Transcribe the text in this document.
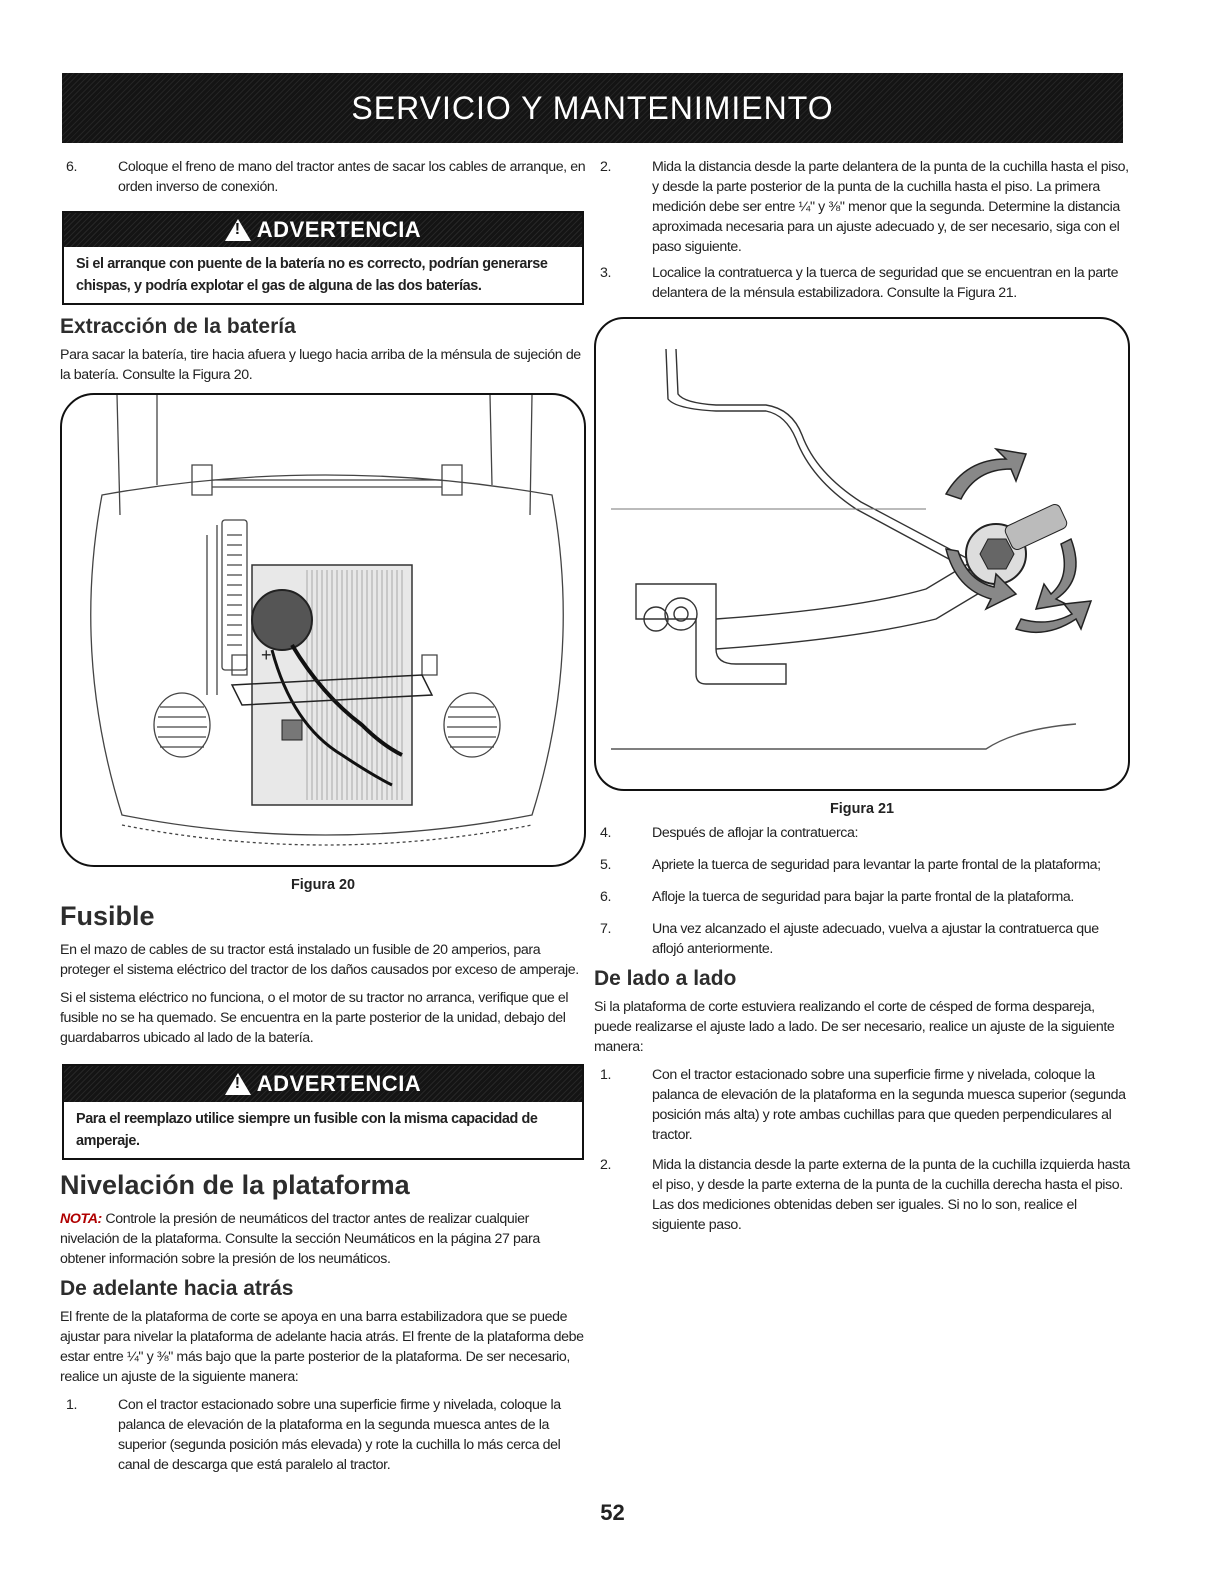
SERVICIO Y MANTENIMIENTO
6.	Coloque el freno de mano del tractor antes de sacar los cables de arranque, en orden inverso de conexión.
!
ADVERTENCIA
Si el arranque con puente de la batería no es correcto, podrían generarse chispas, y podría explotar el gas de alguna de las dos baterías.
Extracción de la batería

Para sacar la batería, tire hacia afuera y luego hacia arriba de la ménsula de sujeción de la batería. Consulte la Figura 20.

+
Figura 20
Fusible

En el mazo de cables de su tractor está instalado un fusible de 20 amperios, para proteger el sistema eléctrico del tractor de los daños causados por exceso de amperaje.

Si el sistema eléctrico no funciona, o el motor de su tractor no arranca, verifique que el fusible no se ha quemado. Se encuentra en la parte posterior de la unidad, debajo del guardabarros ubicado al lado de la batería.

!
ADVERTENCIA
Para el reemplazo utilice siempre un fusible con la misma capacidad de amperaje.
Nivelación de la plataforma

NOTA: Controle la presión de neumáticos del tractor antes de realizar cualquier nivelación de la plataforma. Consulte la sección Neumáticos en la página 27 para obtener información sobre la presión de los neumáticos.

De adelante hacia atrás

El frente de la plataforma de corte se apoya en una barra estabilizadora que se puede ajustar para nivelar la plataforma de adelante hacia atrás. El frente de la plataforma debe estar entre ¼" y ⅜" más bajo que la parte posterior de la plataforma. De ser necesario, realice un ajuste de la siguiente manera:

1.	Con el tractor estacionado sobre una superficie firme y nivelada, coloque la palanca de elevación de la plataforma en la segunda muesca antes de la superior (segunda posición más elevada) y rote la cuchilla lo más cerca del canal de descarga que está paralelo al tractor.
2.	Mida la distancia desde la parte delantera de la punta de la cuchilla hasta el piso, y desde la parte posterior de la punta de la cuchilla hasta el piso. La primera medición debe ser entre ¼" y ⅜" menor que la segunda. Determine la distancia aproximada necesaria para un ajuste adecuado y, de ser necesario, siga con el paso siguiente.
3.	Localice la contratuerca y la tuerca de seguridad que se encuentran en la parte delantera de la ménsula estabilizadora. Consulte la Figura 21.
Figura 21
4.	Después de aflojar la contratuerca:
5.	Apriete la tuerca de seguridad para levantar la parte frontal de la plataforma;
6.	Afloje la tuerca de seguridad para bajar la parte frontal de la plataforma.
7.	Una vez alcanzado el ajuste adecuado, vuelva a ajustar la contratuerca que aflojó anteriormente.
De lado a lado

Si la plataforma de corte estuviera realizando el corte de césped de forma despareja, puede realizarse el ajuste lado a lado. De ser necesario, realice un ajuste de la siguiente manera:

1.	Con el tractor estacionado sobre una superficie firme y nivelada, coloque la palanca de elevación de la plataforma en la segunda muesca superior (segunda posición más alta) y rote ambas cuchillas para que queden perpendiculares al tractor.
2.	Mida la distancia desde la parte externa de la punta de la cuchilla izquierda hasta el piso, y desde la parte externa de la punta de la cuchilla derecha hasta el piso. Las dos mediciones obtenidas deben ser iguales. Si no lo son, realice el siguiente paso.
52
